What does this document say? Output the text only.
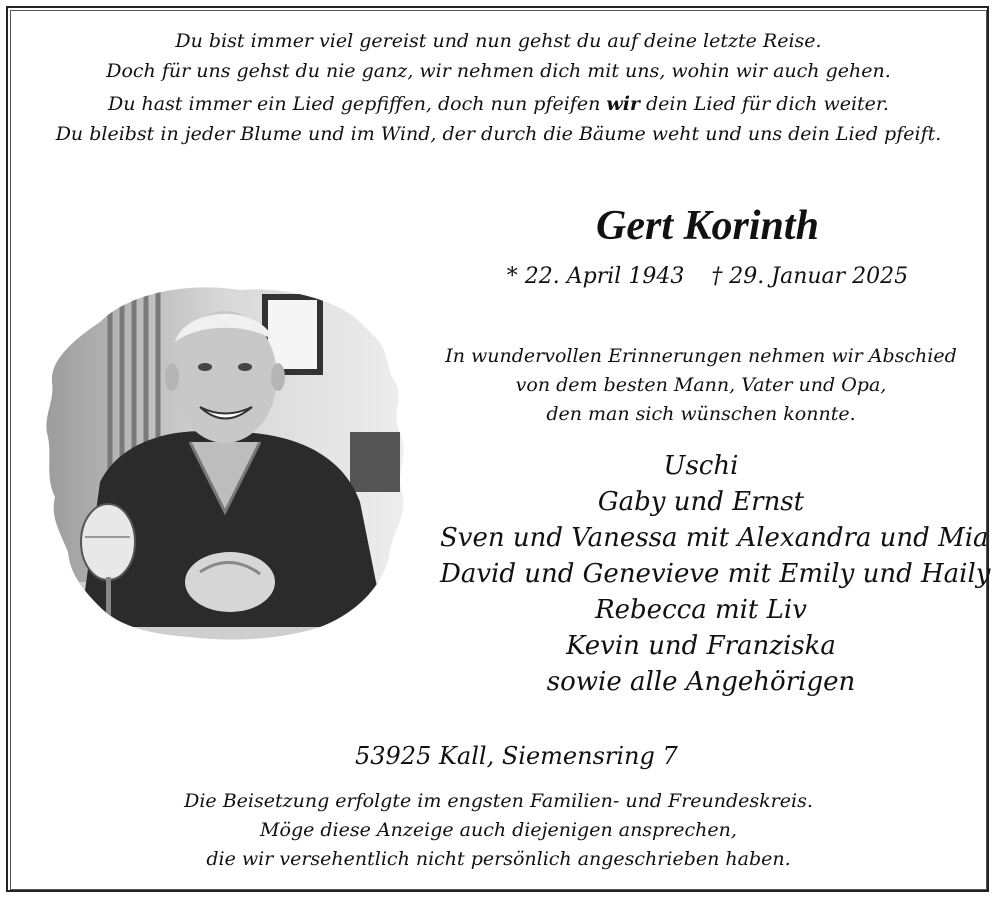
Du bist immer viel gereist und nun gehst du auf deine letzte Reise.
Doch für uns gehst du nie ganz, wir nehmen dich mit uns, wohin wir auch gehen.
Du hast immer ein Lied gepfiffen, doch nun pfeifen wir dein Lied für dich weiter.
Du bleibst in jeder Blume und im Wind, der durch die Bäume weht und uns dein Lied pfeift.
Gert Korinth
* 22. April 1943 † 29. Januar 2025
In wundervollen Erinnerungen nehmen wir Abschied
von dem besten Mann, Vater und Opa,
den man sich wünschen konnte.
Uschi
Gaby und Ernst
Sven und Vanessa mit Alexandra und Mia
David und Genevieve mit Emily und Haily
Rebecca mit Liv
Kevin und Franziska
sowie alle Angehörigen
53925 Kall, Siemensring 7
Die Beisetzung erfolgte im engsten Familien- und Freundeskreis.
Möge diese Anzeige auch diejenigen ansprechen,
die wir versehentlich nicht persönlich angeschrieben haben.
